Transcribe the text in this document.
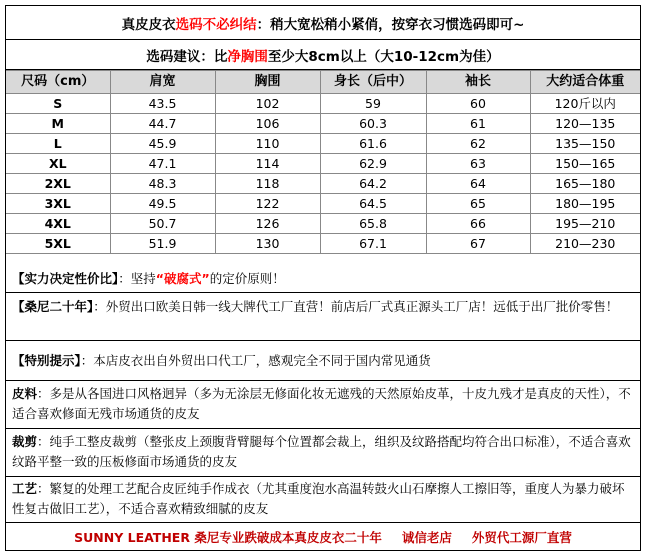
真皮皮衣 选码不必纠结 ：稍大宽松稍小紧俏，按穿衣习惯选码即可~
选码建议：比 净胸围 至少大8cm以上（大10-12cm为佳）
尺码（cm）	肩宽	胸围	身长（后中）	袖长	大约适合体重
S	43.5	102	59	60	120斤以内
M	44.7	106	60.3	61	120—135
L	45.9	110	61.6	62	135—150
XL	47.1	114	62.9	63	150—165
2XL	48.3	118	64.2	64	165—180
3XL	49.5	122	64.5	65	180—195
4XL	50.7	126	65.8	66	195—210
5XL	51.9	130	67.1	67	210—230
【实力决定性价比】：坚持“破腐式”的定价原则！
【桑尼二十年】：外贸出口欧美日韩一线大牌代工厂直营！前店后厂式真正源头工厂店！远低于出厂批价零售！
【特别提示】：本店皮衣出自外贸出口代工厂，感观完全不同于国内常见通货
皮料：多是从各国进口风格迥异（多为无涂层无修面化妆无遮残的天然原始皮革，十皮九残才是真皮的天性），不适合喜欢修面无残市场通货的皮友
裁剪：纯手工整皮裁剪（整张皮上颈腹背臂腿每个位置都会裁上，组织及纹路搭配均符合出口标准），不适合喜欢纹路平整一致的压板修面市场通货的皮友
工艺：繁复的处理工艺配合皮匠纯手作成衣（尤其重度泡水高温转鼓火山石摩擦人工擦旧等，重度人为暴力破坏性复古做旧工艺），不适合喜欢精致细腻的皮友
SUNNY LEATHER 桑尼专业跌破成本真皮皮衣二十年 诚信老店 外贸代工源厂直营
